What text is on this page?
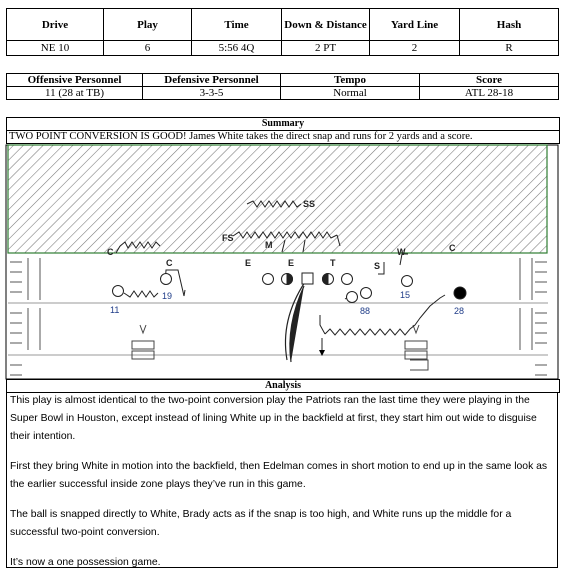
Drive	Play	Time	Down & Distance	Yard Line	Hash
NE 10	6	5:56 4Q	2 PT	2	R
Offensive Personnel	Defensive Personnel	Tempo	Score
11 (28 at TB)	3-3-5	Normal	ATL 28-18
Summary
TWO POINT CONVERSION IS GOOD! James White takes the direct snap and runs for 2 yards and a score.
SS
FS
M
W
C	C
E	E	T	S
C
11
19
88
15
28
Analysis

This play is almost identical to the two-point conversion play the Patriots ran the last time they were playing in the Super Bowl in Houston, except instead of lining White up in the backfield at first, they start him out wide to disguise their intention.

First they bring White in motion into the backfield, then Edelman comes in short motion to end up in the same look as the earlier successful inside zone plays they’ve run in this game.

The ball is snapped directly to White, Brady acts as if the snap is too high, and White runs up the middle for a successful two-point conversion.

It’s now a one possession game.
